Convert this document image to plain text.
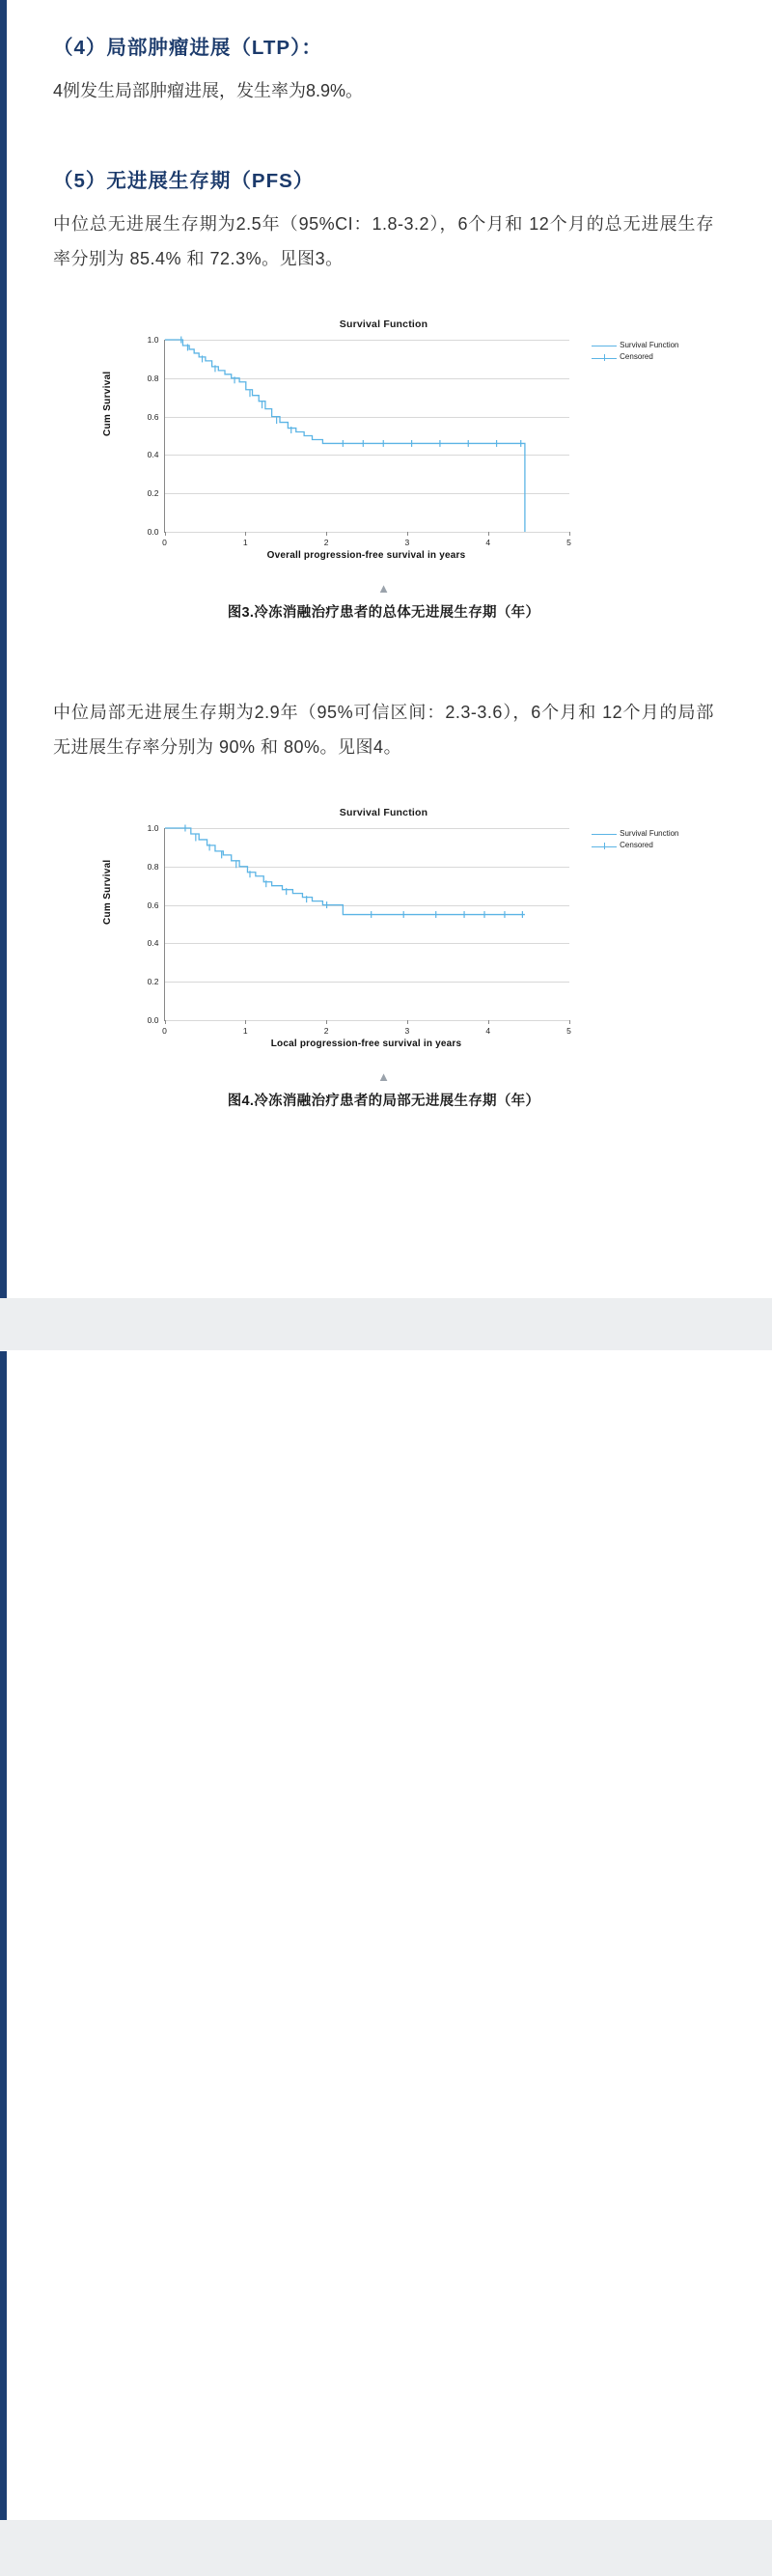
（4）局部肿瘤进展（LTP）：

4例发生局部肿瘤进展，发生率为8.9%。

（5）无进展生存期（PFS）

中位总无进展生存期为2.5年（95%CI：1.8-3.2），6个月和 12个月的总无进展生存率分别为 85.4% 和 72.3%。见图3。

Survival Function
Cum Survival
0.0
0.2
0.4
0.6
0.8
1.0
0	1	2	3	4	5
Overall progression-free survival in years
Survival Function
Censored
▲
图3.冷冻消融治疗患者的总体无进展生存期（年）

中位局部无进展生存期为2.9年（95%可信区间：2.3-3.6），6个月和 12个月的局部无进展生存率分别为 90% 和 80%。见图4。

Survival Function
Cum Survival
0.0
0.2
0.4
0.6
0.8
1.0
0	1	2	3	4	5
Local progression-free survival in years
Survival Function
Censored
▲
图4.冷冻消融治疗患者的局部无进展生存期（年）
